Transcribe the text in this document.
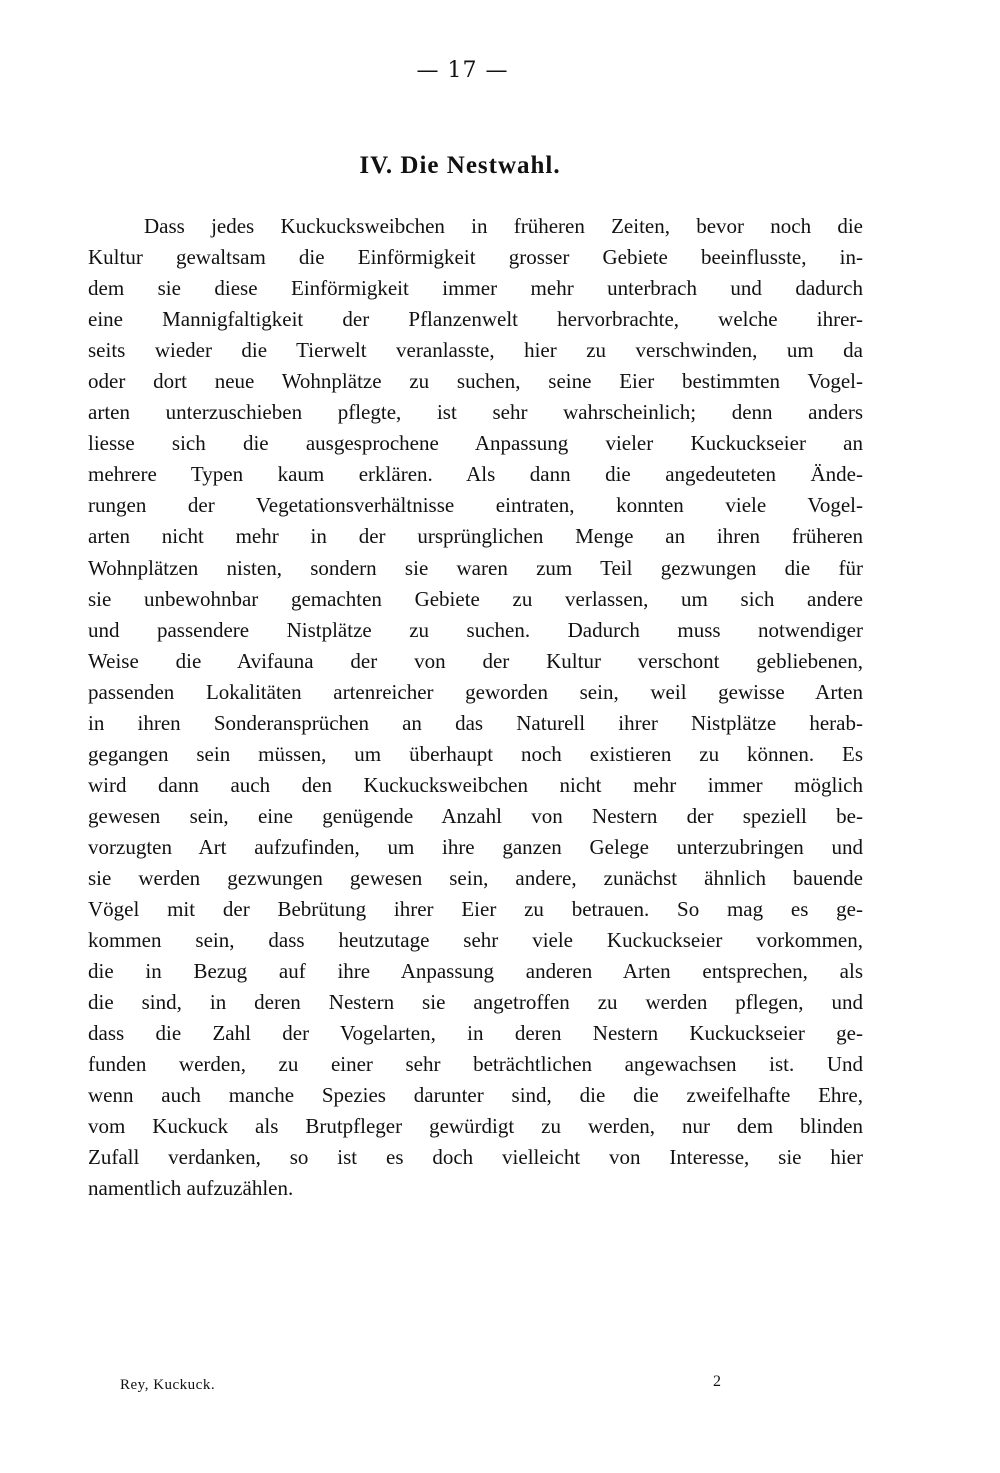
— 17 —
IV. Die Nestwahl.
Dass jedes Kuckucksweibchen in früheren Zeiten, bevor noch die
Kultur gewaltsam die Einförmigkeit grosser Gebiete beeinflusste, in-
dem sie diese Einförmigkeit immer mehr unterbrach und dadurch
eine Mannigfaltigkeit der Pflanzenwelt hervorbrachte, welche ihrer-
seits wieder die Tierwelt veranlasste, hier zu verschwinden, um da
oder dort neue Wohnplätze zu suchen, seine Eier bestimmten Vogel-
arten unterzuschieben pflegte, ist sehr wahrscheinlich; denn anders
liesse sich die ausgesprochene Anpassung vieler Kuckuckseier an
mehrere Typen kaum erklären. Als dann die angedeuteten Ände-
rungen der Vegetationsverhältnisse eintraten, konnten viele Vogel-
arten nicht mehr in der ursprünglichen Menge an ihren früheren
Wohnplätzen nisten, sondern sie waren zum Teil gezwungen die für
sie unbewohnbar gemachten Gebiete zu verlassen, um sich andere
und passendere Nistplätze zu suchen. Dadurch muss notwendiger
Weise die Avifauna der von der Kultur verschont gebliebenen,
passenden Lokalitäten artenreicher geworden sein, weil gewisse Arten
in ihren Sonderansprüchen an das Naturell ihrer Nistplätze herab-
gegangen sein müssen, um überhaupt noch existieren zu können. Es
wird dann auch den Kuckucksweibchen nicht mehr immer möglich
gewesen sein, eine genügende Anzahl von Nestern der speziell be-
vorzugten Art aufzufinden, um ihre ganzen Gelege unterzubringen und
sie werden gezwungen gewesen sein, andere, zunächst ähnlich bauende
Vögel mit der Bebrütung ihrer Eier zu betrauen. So mag es ge-
kommen sein, dass heutzutage sehr viele Kuckuckseier vorkommen,
die in Bezug auf ihre Anpassung anderen Arten entsprechen, als
die sind, in deren Nestern sie angetroffen zu werden pflegen, und
dass die Zahl der Vogelarten, in deren Nestern Kuckuckseier ge-
funden werden, zu einer sehr beträchtlichen angewachsen ist. Und
wenn auch manche Spezies darunter sind, die die zweifelhafte Ehre,
vom Kuckuck als Brutpfleger gewürdigt zu werden, nur dem blinden
Zufall verdanken, so ist es doch vielleicht von Interesse, sie hier
namentlich aufzuzählen.
Rey, Kuckuck.	2
